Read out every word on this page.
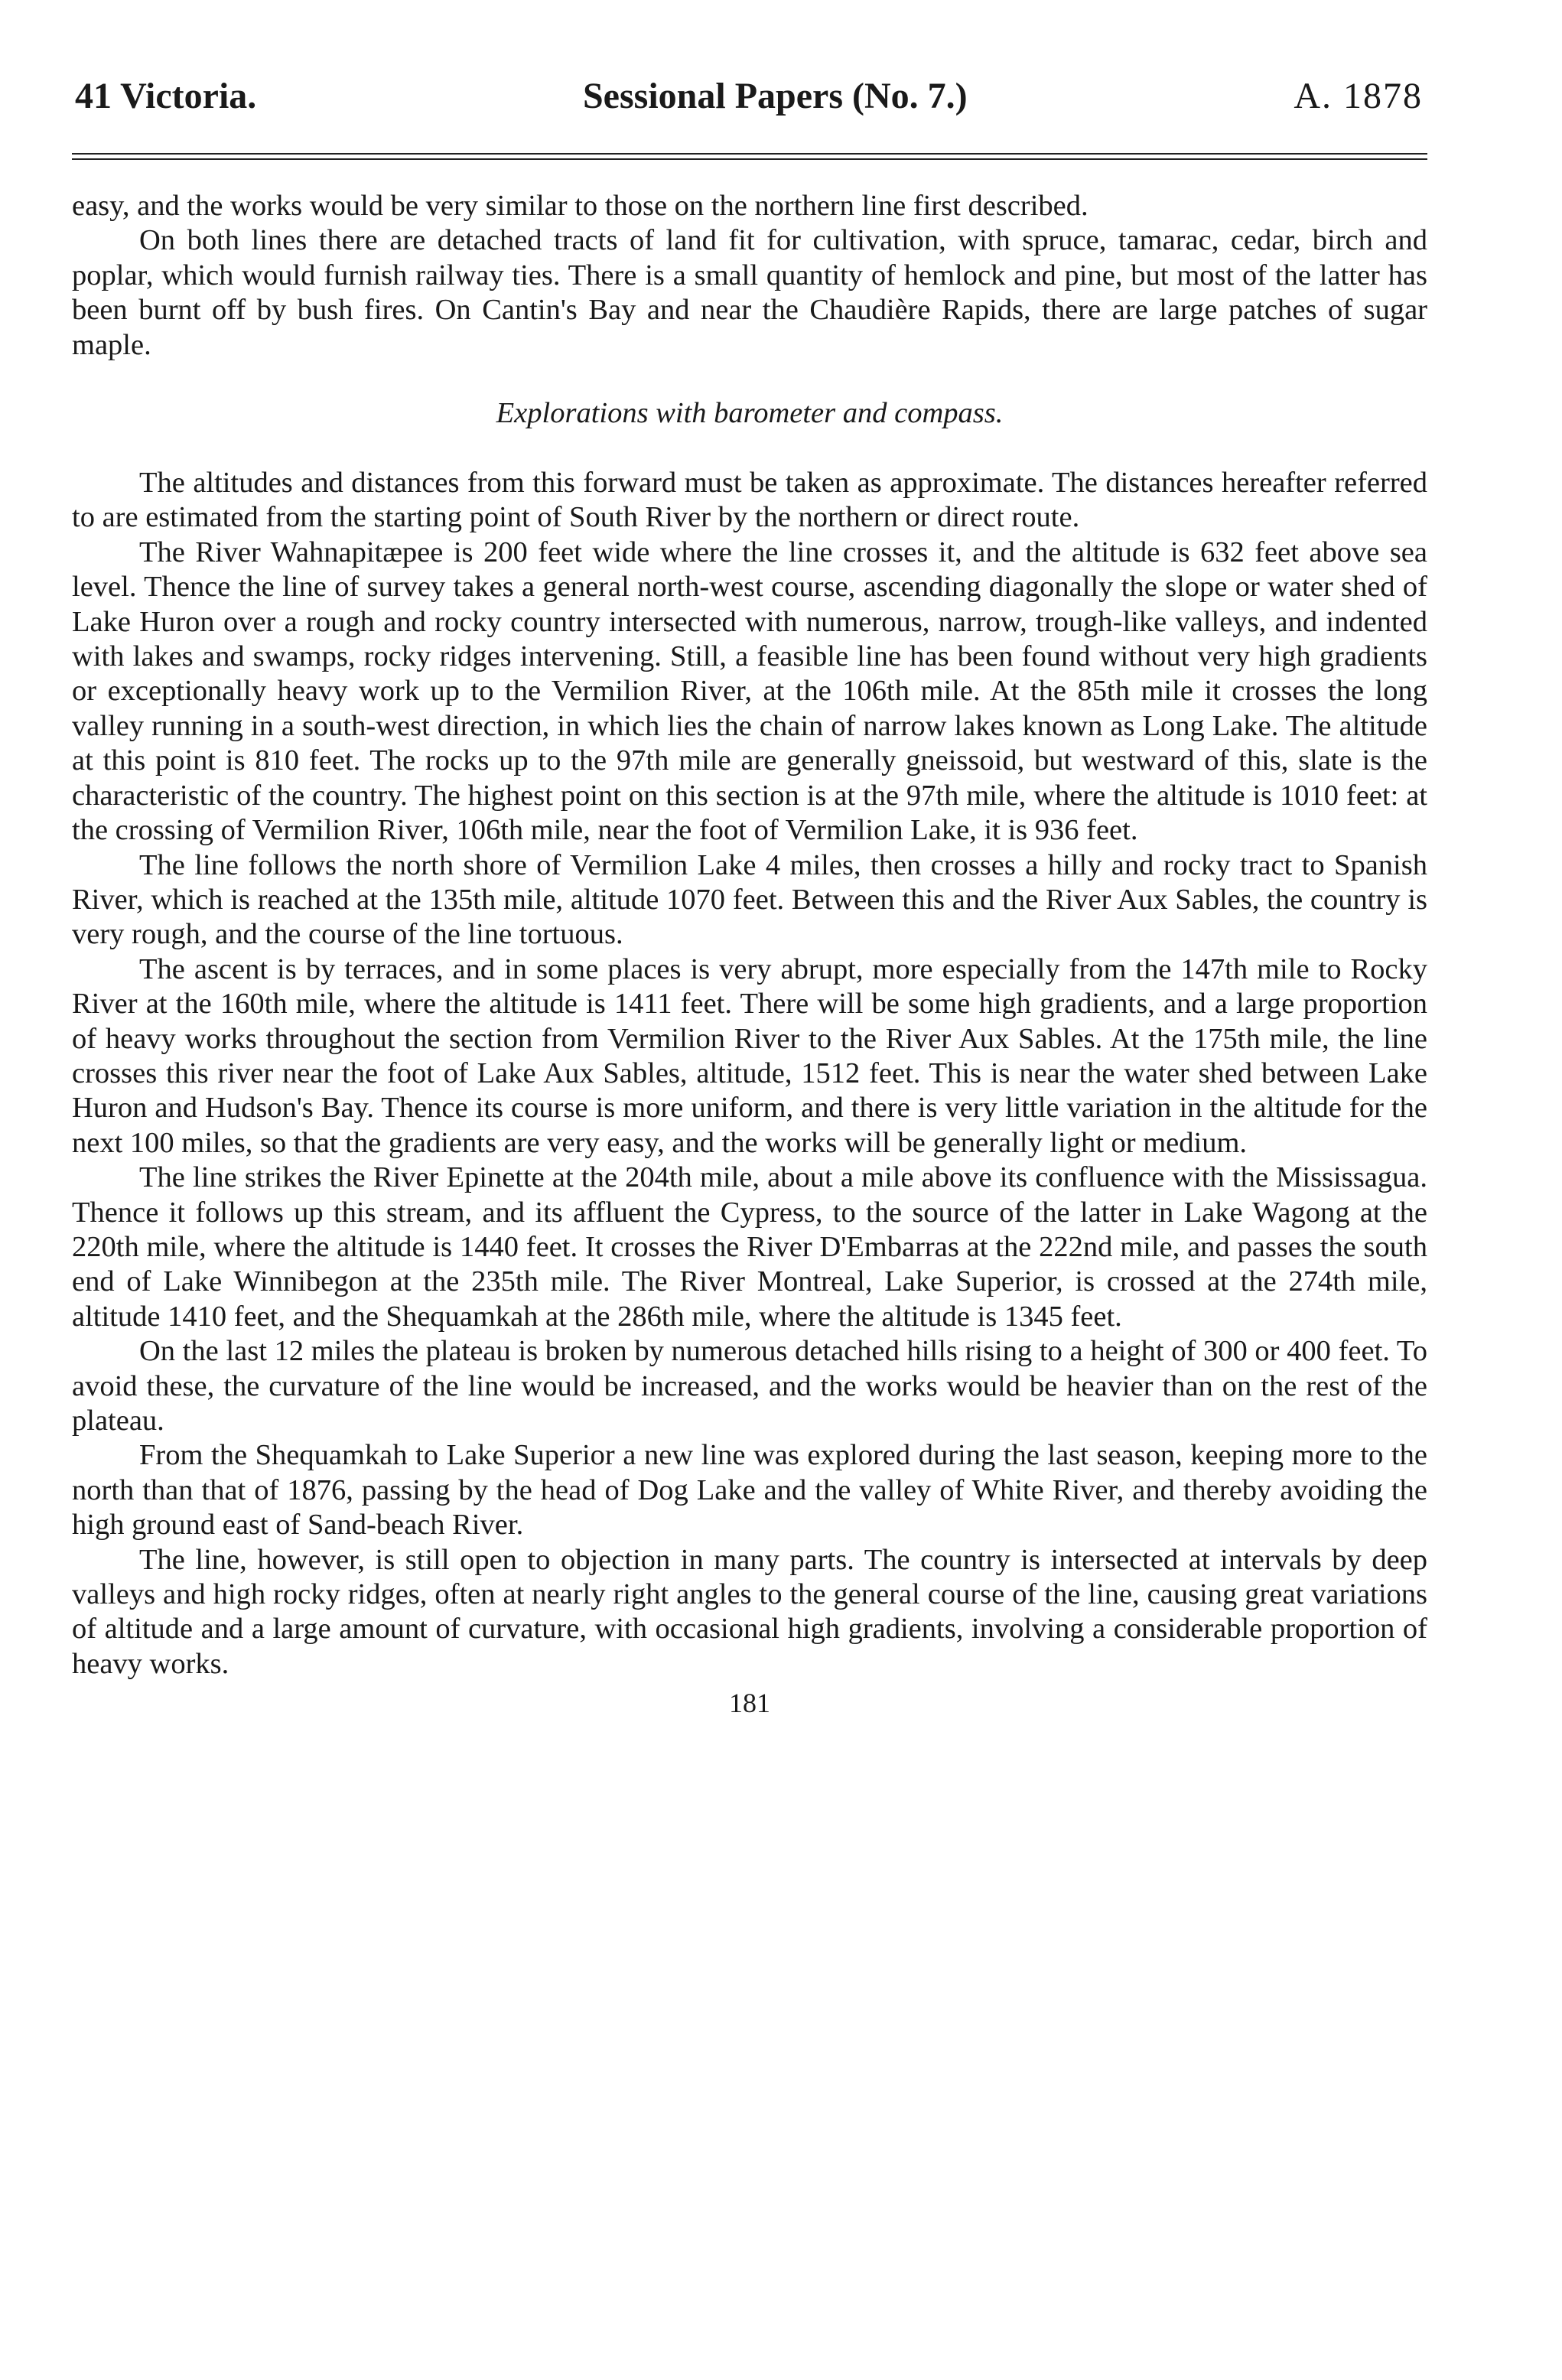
41 Victoria.	Sessional Papers (No. 7.)	A. 1878

easy, and the works would be very similar to those on the northern line first described.

On both lines there are detached tracts of land fit for cultivation, with spruce, tamarac, cedar, birch and poplar, which would furnish railway ties. There is a small quantity of hemlock and pine, but most of the latter has been burnt off by bush fires. On Cantin's Bay and near the Chaudière Rapids, there are large patches of sugar maple.

Explorations with barometer and compass.

The altitudes and distances from this forward must be taken as approximate. The distances hereafter referred to are estimated from the starting point of South River by the northern or direct route.

The River Wahnapitæpee is 200 feet wide where the line crosses it, and the altitude is 632 feet above sea level. Thence the line of survey takes a general north-west course, ascending diagonally the slope or water shed of Lake Huron over a rough and rocky country intersected with numerous, narrow, trough-like valleys, and indented with lakes and swamps, rocky ridges intervening. Still, a feasible line has been found without very high gradients or exceptionally heavy work up to the Vermilion River, at the 106th mile. At the 85th mile it crosses the long valley running in a south-west direction, in which lies the chain of narrow lakes known as Long Lake. The altitude at this point is 810 feet. The rocks up to the 97th mile are generally gneissoid, but westward of this, slate is the characteristic of the country. The highest point on this section is at the 97th mile, where the altitude is 1010 feet: at the crossing of Vermilion River, 106th mile, near the foot of Vermilion Lake, it is 936 feet.

The line follows the north shore of Vermilion Lake 4 miles, then crosses a hilly and rocky tract to Spanish River, which is reached at the 135th mile, altitude 1070 feet. Between this and the River Aux Sables, the country is very rough, and the course of the line tortuous.

The ascent is by terraces, and in some places is very abrupt, more especially from the 147th mile to Rocky River at the 160th mile, where the altitude is 1411 feet. There will be some high gradients, and a large proportion of heavy works throughout the section from Vermilion River to the River Aux Sables. At the 175th mile, the line crosses this river near the foot of Lake Aux Sables, altitude, 1512 feet. This is near the water shed between Lake Huron and Hudson's Bay. Thence its course is more uniform, and there is very little variation in the altitude for the next 100 miles, so that the gradients are very easy, and the works will be generally light or medium.

The line strikes the River Epinette at the 204th mile, about a mile above its confluence with the Mississagua. Thence it follows up this stream, and its affluent the Cypress, to the source of the latter in Lake Wagong at the 220th mile, where the altitude is 1440 feet. It crosses the River D'Embarras at the 222nd mile, and passes the south end of Lake Winnibegon at the 235th mile. The River Montreal, Lake Superior, is crossed at the 274th mile, altitude 1410 feet, and the Shequamkah at the 286th mile, where the altitude is 1345 feet.

On the last 12 miles the plateau is broken by numerous detached hills rising to a height of 300 or 400 feet. To avoid these, the curvature of the line would be increased, and the works would be heavier than on the rest of the plateau.

From the Shequamkah to Lake Superior a new line was explored during the last season, keeping more to the north than that of 1876, passing by the head of Dog Lake and the valley of White River, and thereby avoiding the high ground east of Sand-beach River.

The line, however, is still open to objection in many parts. The country is intersected at intervals by deep valleys and high rocky ridges, often at nearly right angles to the general course of the line, causing great variations of altitude and a large amount of curvature, with occasional high gradients, involving a considerable proportion of heavy works.

181
